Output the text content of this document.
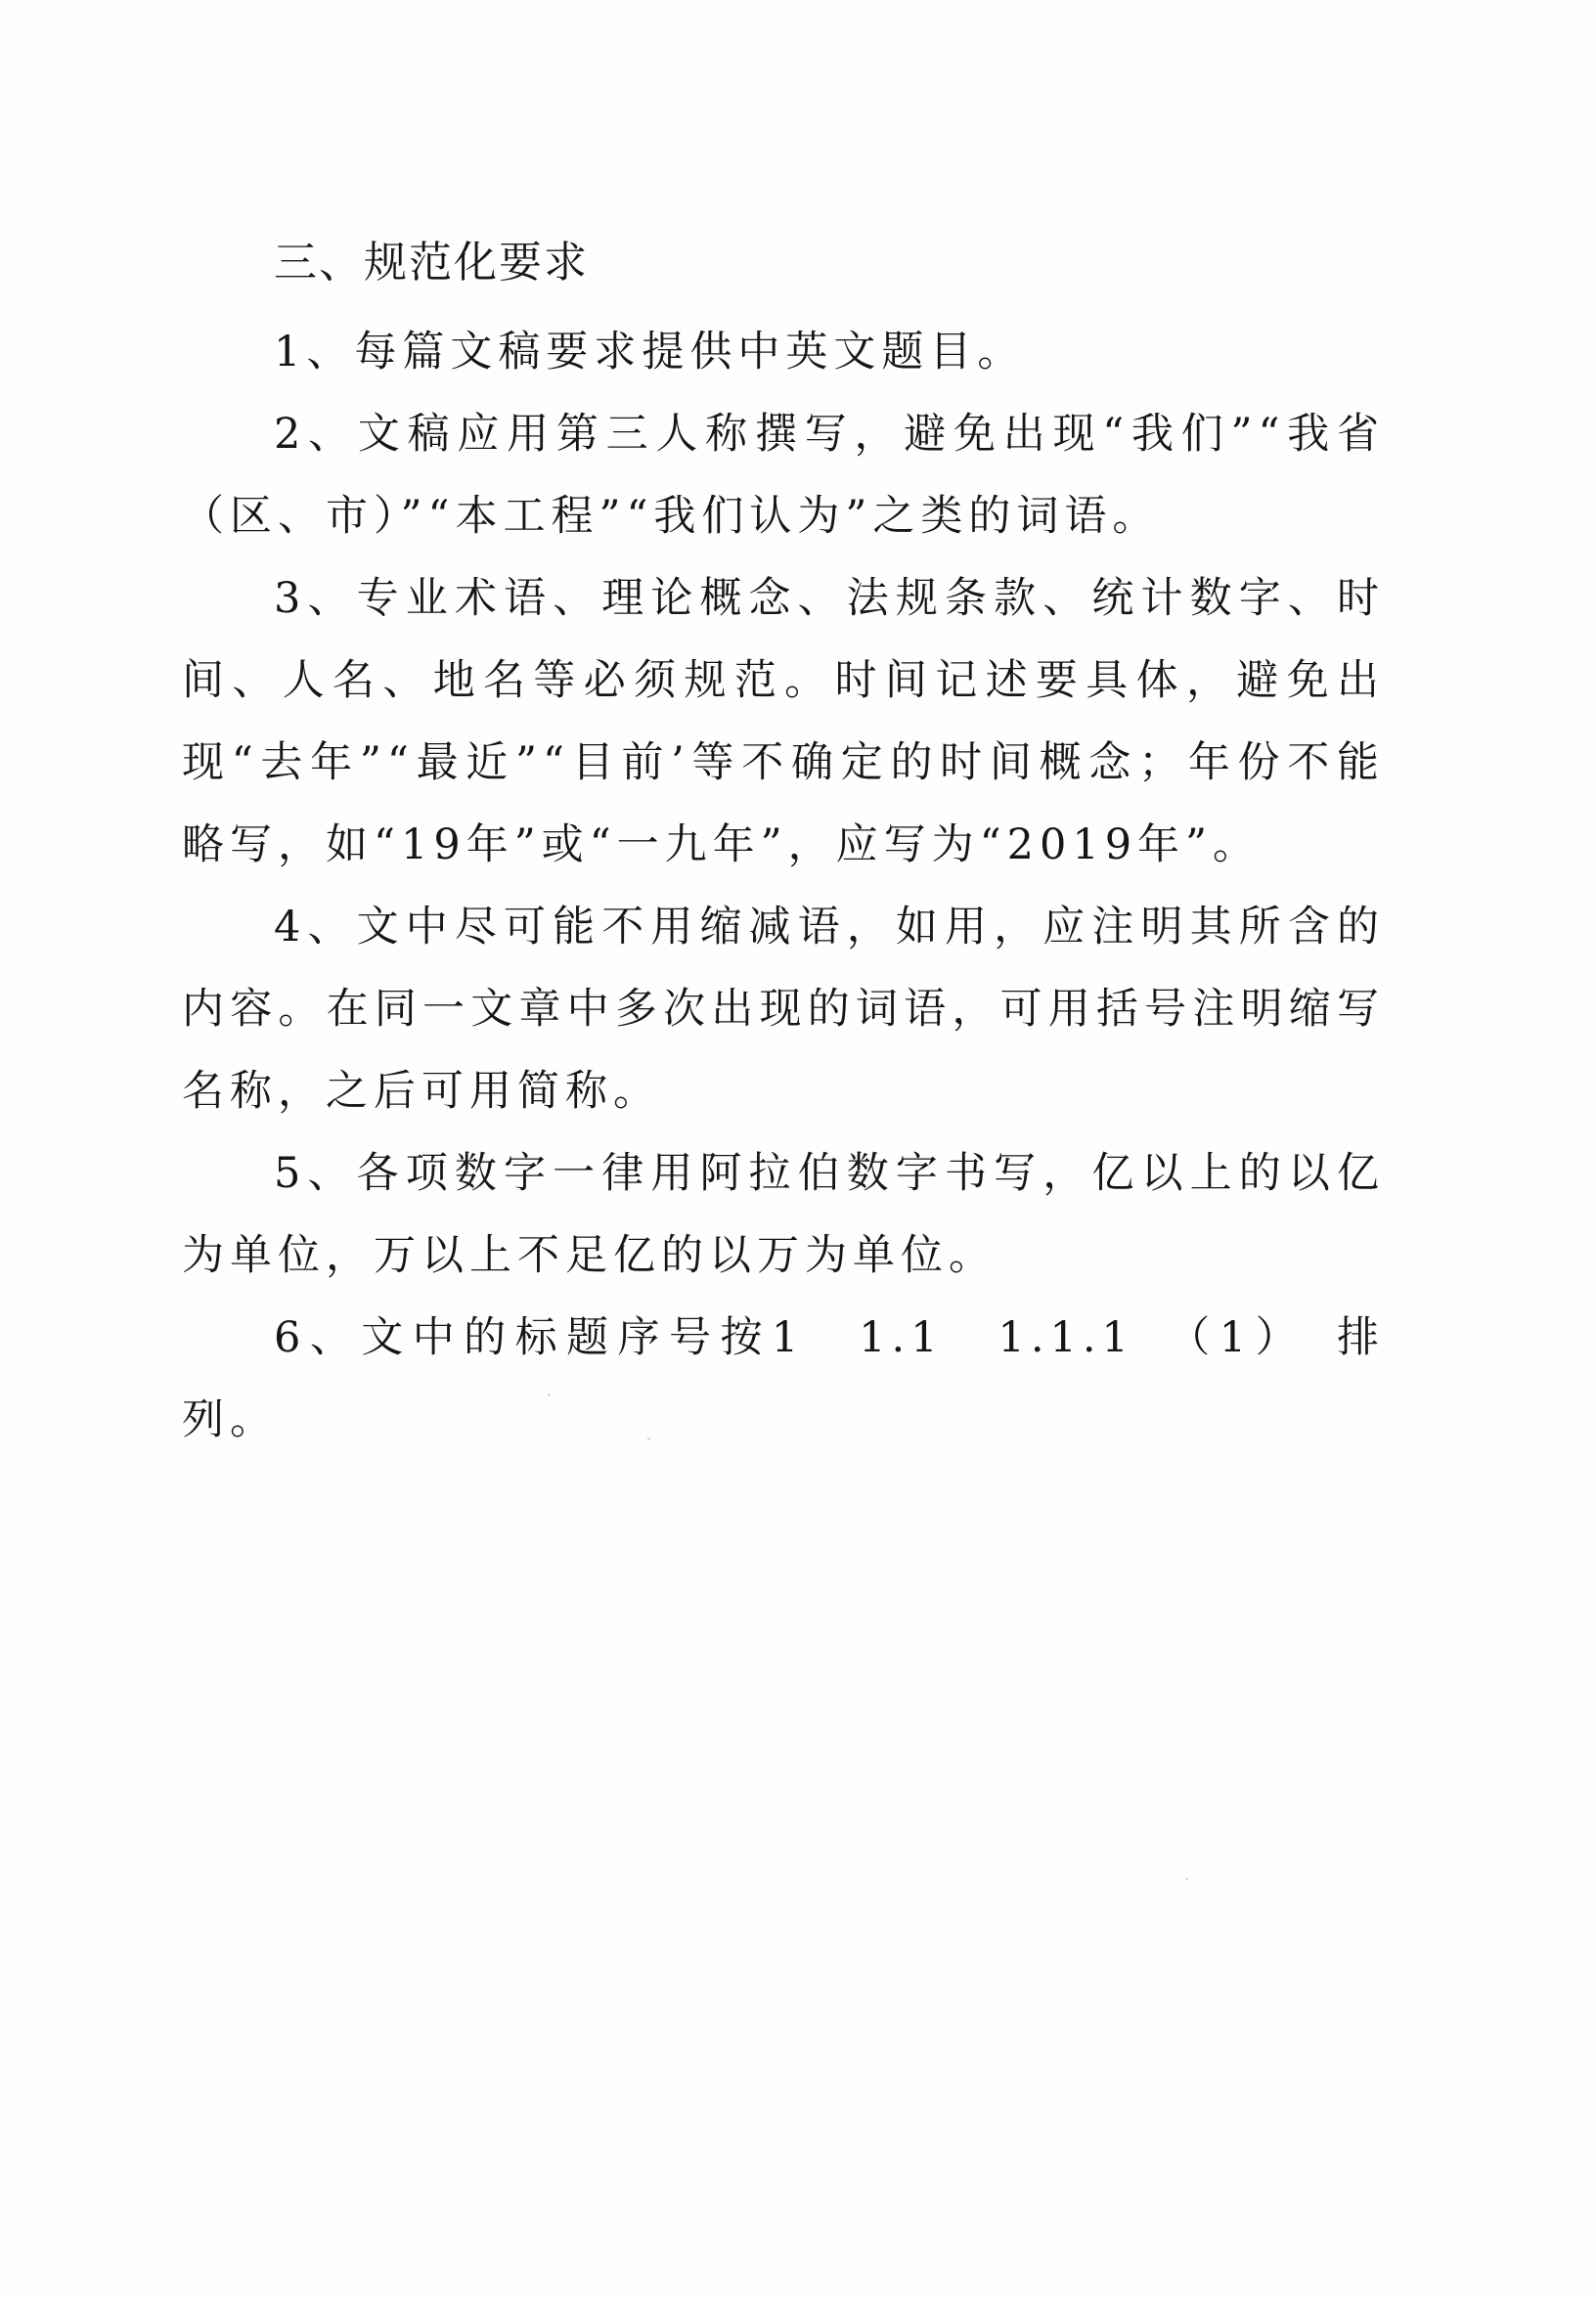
三、规范化要求

1、每篇文稿要求提供中英文题目。

2、文稿应用第三人称撰写，避免出现“我们”“我省（区、市）”“本工程”“我们认为”之类的词语。

3、专业术语、理论概念、法规条款、统计数字、时间、人名、地名等必须规范。时间记述要具体，避免出现“去年”“最近”“目前’等不确定的时间概念；年份不能略写，如“19年”或“一九年”，应写为“2019年”。

4、文中尽可能不用缩减语，如用，应注明其所含的内容。在同一文章中多次出现的词语，可用括号注明缩写名称，之后可用简称。

5、各项数字一律用阿拉伯数字书写，亿以上的以亿为单位，万以上不足亿的以万为单位。

6、文中的标题序号按1　1.1　1.1.1　（1）　排列。
